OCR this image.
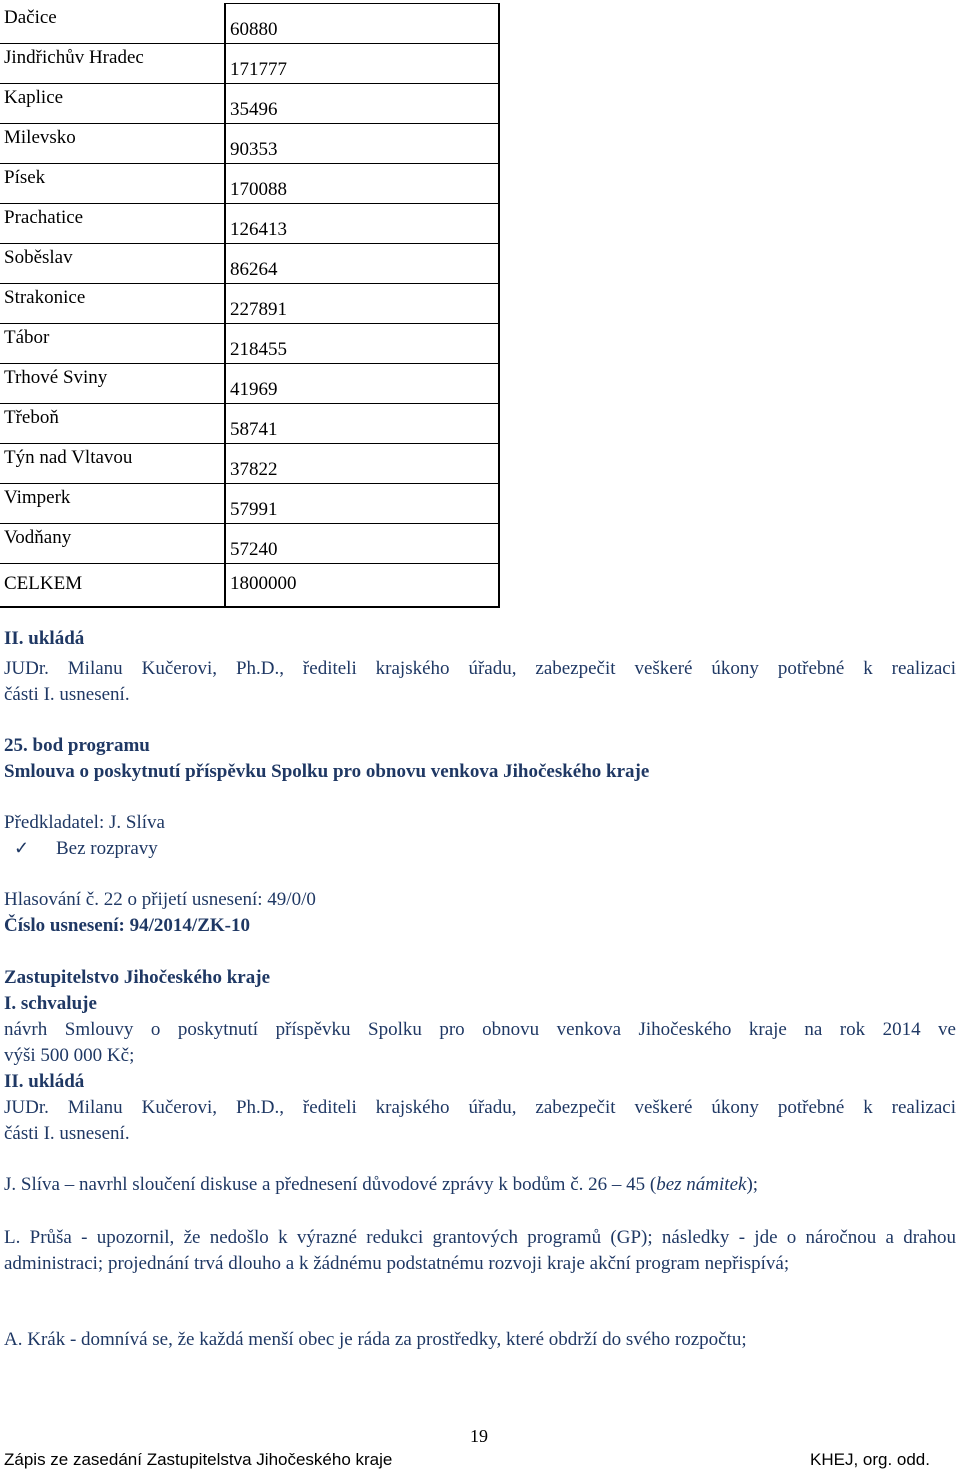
Dačice	60880

Jindřichův Hradec	171777

Kaplice	35496

Milevsko	90353

Písek	170088

Prachatice	126413

Soběslav	86264

Strakonice	227891

Tábor	218455

Trhové Sviny	41969

Třeboň	58741

Týn nad Vltavou	37822

Vimperk	57991

Vodňany	57240

CELKEM	1800000
II. ukládá
JUDr. Milanu Kučerovi, Ph.D., řediteli krajského úřadu, zabezpečit veškeré úkony potřebné k realizaci
části I. usnesení.
25. bod programu
Smlouva o poskytnutí příspěvku Spolku pro obnovu venkova Jihočeského kraje
Předkladatel: J. Slíva
✓ Bez rozpravy
Hlasování č. 22 o přijetí usnesení: 49/0/0
Číslo usnesení: 94/2014/ZK-10
Zastupitelstvo Jihočeského kraje
I. schvaluje
návrh Smlouvy o poskytnutí příspěvku Spolku pro obnovu venkova Jihočeského kraje na rok 2014 ve
výši 500 000 Kč;
II. ukládá
JUDr. Milanu Kučerovi, Ph.D., řediteli krajského úřadu, zabezpečit veškeré úkony potřebné k realizaci
části I. usnesení.
J. Slíva – navrhl sloučení diskuse a přednesení důvodové zprávy k bodům č. 26 – 45 (bez námitek);
L. Průša - upozornil, že nedošlo k výrazné redukci grantových programů (GP); následky - jde o náročnou a drahou administraci; projednání trvá dlouho a k žádnému podstatnému rozvoji kraje akční program nepřispívá;
A. Krák - domnívá se, že každá menší obec je ráda za prostředky, které obdrží do svého rozpočtu;
19
Zápis ze zasedání Zastupitelstva Jihočeského kraje	KHEJ, org. odd.
